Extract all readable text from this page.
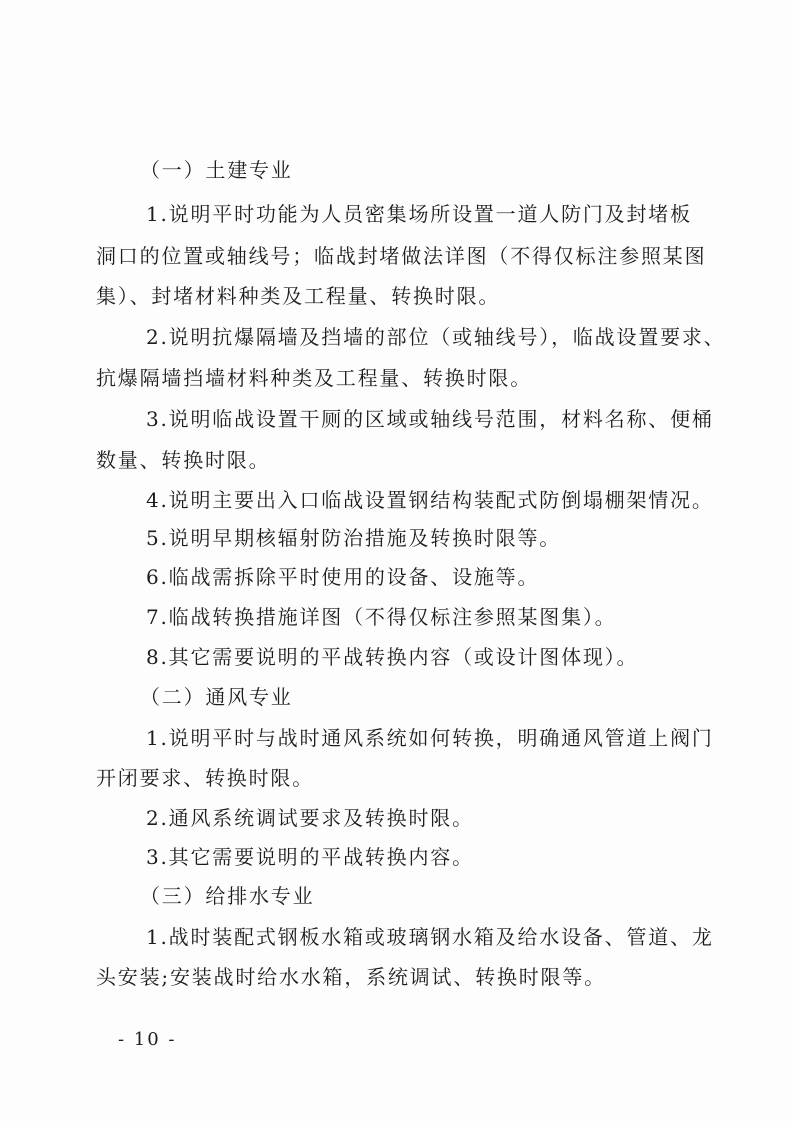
（一）土建专业
1.说明平时功能为人员密集场所设置一道人防门及封堵板
洞口的位置或轴线号；临战封堵做法详图（不得仅标注参照某图
集）、封堵材料种类及工程量、转换时限。
2.说明抗爆隔墙及挡墙的部位（或轴线号），临战设置要求、
抗爆隔墙挡墙材料种类及工程量、转换时限。
3.说明临战设置干厕的区域或轴线号范围，材料名称、便桶
数量、转换时限。
4.说明主要出入口临战设置钢结构装配式防倒塌棚架情况。
5.说明早期核辐射防治措施及转换时限等。
6.临战需拆除平时使用的设备、设施等。
7.临战转换措施详图（不得仅标注参照某图集）。
8.其它需要说明的平战转换内容（或设计图体现）。
（二）通风专业
1.说明平时与战时通风系统如何转换，明确通风管道上阀门
开闭要求、转换时限。
2.通风系统调试要求及转换时限。
3.其它需要说明的平战转换内容。
（三）给排水专业
1.战时装配式钢板水箱或玻璃钢水箱及给水设备、管道、龙
头安装;安装战时给水水箱，系统调试、转换时限等。
- 10 -
